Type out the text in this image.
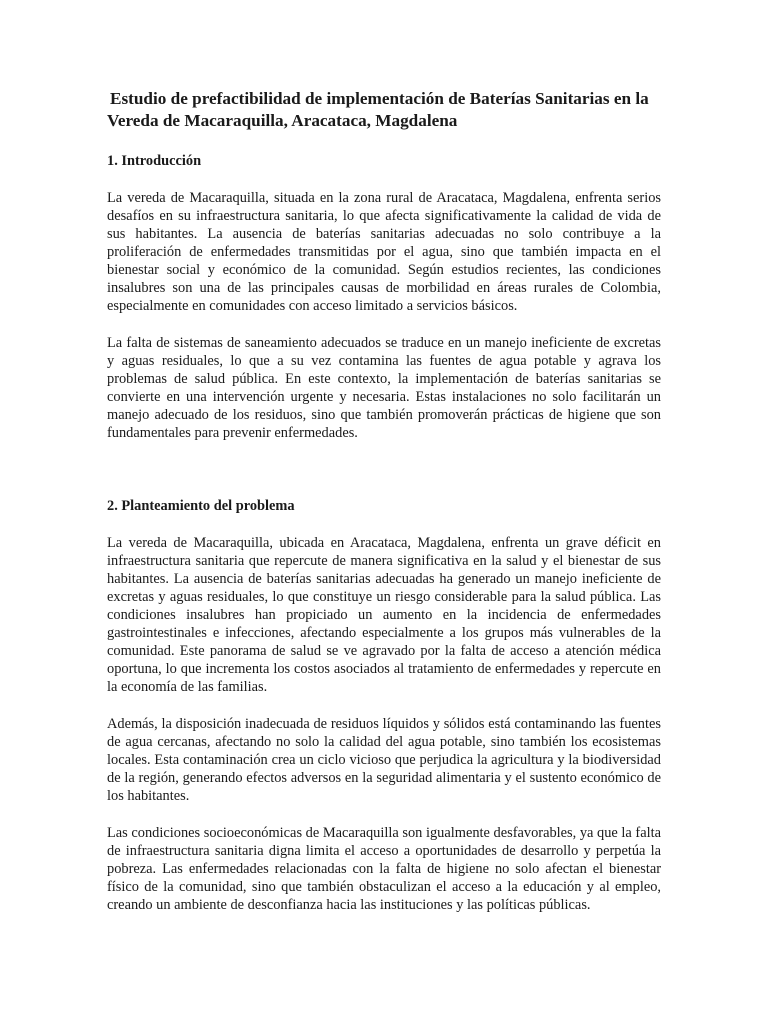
Estudio de prefactibilidad de implementación de Baterías Sanitarias en la Vereda de Macaraquilla, Aracataca, Magdalena
1. Introducción

La vereda de Macaraquilla, situada en la zona rural de Aracataca, Magdalena, enfrenta serios desafíos en su infraestructura sanitaria, lo que afecta significativamente la calidad de vida de sus habitantes. La ausencia de baterías sanitarias adecuadas no solo contribuye a la proliferación de enfermedades transmitidas por el agua, sino que también impacta en el bienestar social y económico de la comunidad. Según estudios recientes, las condiciones insalubres son una de las principales causas de morbilidad en áreas rurales de Colombia, especialmente en comunidades con acceso limitado a servicios básicos.

La falta de sistemas de saneamiento adecuados se traduce en un manejo ineficiente de excretas y aguas residuales, lo que a su vez contamina las fuentes de agua potable y agrava los problemas de salud pública. En este contexto, la implementación de baterías sanitarias se convierte en una intervención urgente y necesaria. Estas instalaciones no solo facilitarán un manejo adecuado de los residuos, sino que también promoverán prácticas de higiene que son fundamentales para prevenir enfermedades.

2. Planteamiento del problema

La vereda de Macaraquilla, ubicada en Aracataca, Magdalena, enfrenta un grave déficit en infraestructura sanitaria que repercute de manera significativa en la salud y el bienestar de sus habitantes. La ausencia de baterías sanitarias adecuadas ha generado un manejo ineficiente de excretas y aguas residuales, lo que constituye un riesgo considerable para la salud pública. Las condiciones insalubres han propiciado un aumento en la incidencia de enfermedades gastrointestinales e infecciones, afectando especialmente a los grupos más vulnerables de la comunidad. Este panorama de salud se ve agravado por la falta de acceso a atención médica oportuna, lo que incrementa los costos asociados al tratamiento de enfermedades y repercute en la economía de las familias.

Además, la disposición inadecuada de residuos líquidos y sólidos está contaminando las fuentes de agua cercanas, afectando no solo la calidad del agua potable, sino también los ecosistemas locales. Esta contaminación crea un ciclo vicioso que perjudica la agricultura y la biodiversidad de la región, generando efectos adversos en la seguridad alimentaria y el sustento económico de los habitantes.

Las condiciones socioeconómicas de Macaraquilla son igualmente desfavorables, ya que la falta de infraestructura sanitaria digna limita el acceso a oportunidades de desarrollo y perpetúa la pobreza. Las enfermedades relacionadas con la falta de higiene no solo afectan el bienestar físico de la comunidad, sino que también obstaculizan el acceso a la educación y al empleo, creando un ambiente de desconfianza hacia las instituciones y las políticas públicas.
